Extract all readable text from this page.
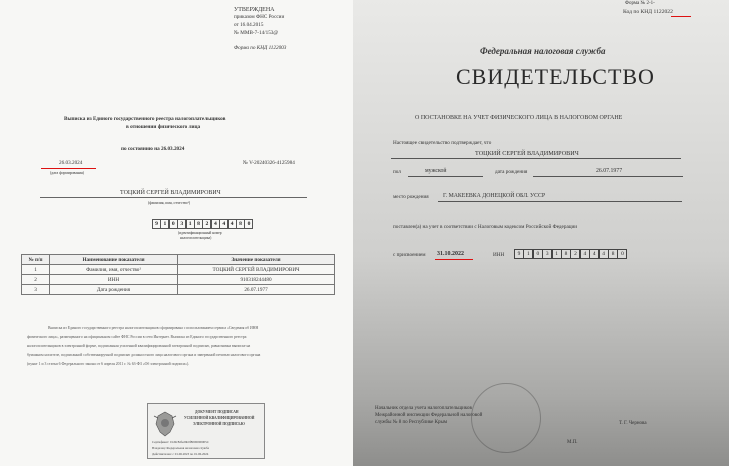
УТВЕРЖДЕНА
приказом ФНС России
от 16.04.2015
№ ММВ-7-14/153@
Форма по КНД 1122003
Выписка из Единого государственного реестра налогоплательщиков
в отношении физического лица
по состоянию на 26.03.2024
26.03.2024
(дата формирования)
№ V-20240326-4125984
ТОЦКИЙ СЕРГЕЙ ВЛАДИМИРОВИЧ
(фамилия, имя, отчество¹)
9	1	0	3	1	8	2	4	4	4	8	0
(идентификационный номер
налогоплательщика)
№ п/п	Наименование показателя	Значение показателя
1	Фамилия, имя, отчество¹	ТОЦКИЙ СЕРГЕЙ ВЛАДИМИРОВИЧ
2	ИНН	910318244480
3	Дата рождения	26.07.1977
Выписка из Единого государственного реестра налогоплательщиков сформирована с использованием сервиса «Сведения об ИНН
физического лица», размещенного на официальном сайте ФНС России в сети Интернет. Выписка из Единого государственного реестра
налогоплательщиков в электронной форме, подписанная усиленной квалифицированной электронной подписью, равнозначна выписке на
бумажном носителе, подписанной собственноручной подписью должностного лица налогового органа и заверенной печатью налогового органа
(пункт 1 и 3 статьи 6 Федерального закона от 6 апреля 2011 г. № 63-ФЗ «Об электронной подписи»).
ДОКУМЕНТ ПОДПИСАН
УСИЛЕННОЙ КВАЛИФИЦИРОВАННОЙ
ЭЛЕКТРОННОЙ ПОДПИСЬЮ
Сертификат: 01d9c8dfe26b0f8000000005d
Владелец: Федеральная налоговая служба
Действителен: с 01.06.2023 по 01.06.2024
Форма № 2-1-
Код по КНД 1122022
Федеральная налоговая служба
СВИДЕТЕЛЬСТВО
О ПОСТАНОВКЕ НА УЧЕТ ФИЗИЧЕСКОГО ЛИЦА В НАЛОГОВОМ ОРГАНЕ
Настоящее свидетельство подтверждает, что
ТОЦКИЙ СЕРГЕЙ ВЛАДИМИРОВИЧ
пол	мужской	дата рождения	26.07.1977
место рождения Г. МАКЕЕВКА ДОНЕЦКОЙ ОБЛ. УССР
поставлен(а) на учет в соответствии с Налоговым кодексом Российской Федерации
с присвоением 31.10.2022	ИНН	9	1	0	3	1	8	2	4	4	4	8	0
Начальник отдела учета налогоплательщиков
Межрайонной инспекции Федеральной налоговой
службы № 8 по Республике Крым	Т. Г. Чернова
М.П.
